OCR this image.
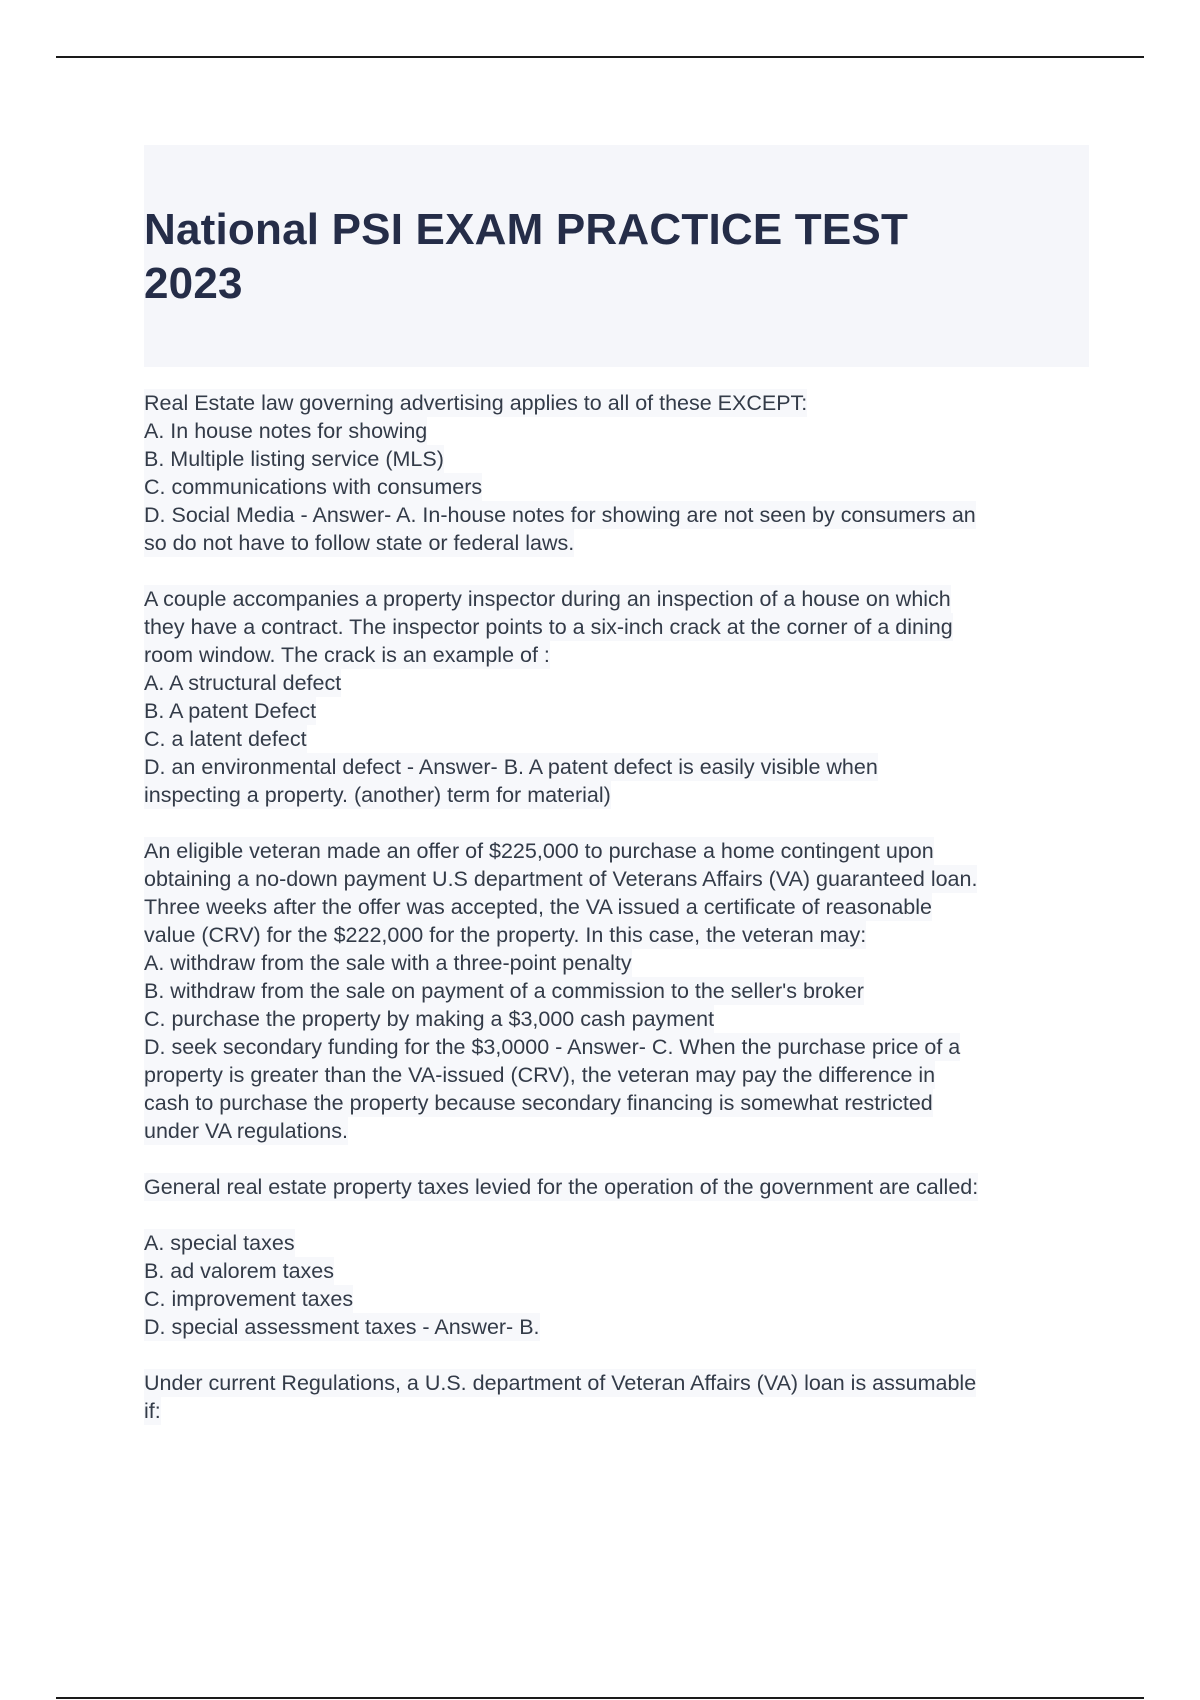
National PSI EXAM PRACTICE TEST
2023
Real Estate law governing advertising applies to all of these EXCEPT:
A. In house notes for showing
B. Multiple listing service (MLS)
C. communications with consumers
D. Social Media - Answer- A. In-house notes for showing are not seen by consumers an
so do not have to follow state or federal laws.
A couple accompanies a property inspector during an inspection of a house on which
they have a contract. The inspector points to a six-inch crack at the corner of a dining
room window. The crack is an example of :
A. A structural defect
B. A patent Defect
C. a latent defect
D. an environmental defect - Answer- B. A patent defect is easily visible when
inspecting a property. (another) term for material)
An eligible veteran made an offer of $225,000 to purchase a home contingent upon
obtaining a no-down payment U.S department of Veterans Affairs (VA) guaranteed loan.
Three weeks after the offer was accepted, the VA issued a certificate of reasonable
value (CRV) for the $222,000 for the property. In this case, the veteran may:
A. withdraw from the sale with a three-point penalty
B. withdraw from the sale on payment of a commission to the seller's broker
C. purchase the property by making a $3,000 cash payment
D. seek secondary funding for the $3,0000 - Answer- C. When the purchase price of a
property is greater than the VA-issued (CRV), the veteran may pay the difference in
cash to purchase the property because secondary financing is somewhat restricted
under VA regulations.
General real estate property taxes levied for the operation of the government are called:
A. special taxes
B. ad valorem taxes
C. improvement taxes
D. special assessment taxes - Answer- B.
Under current Regulations, a U.S. department of Veteran Affairs (VA) loan is assumable
if:
